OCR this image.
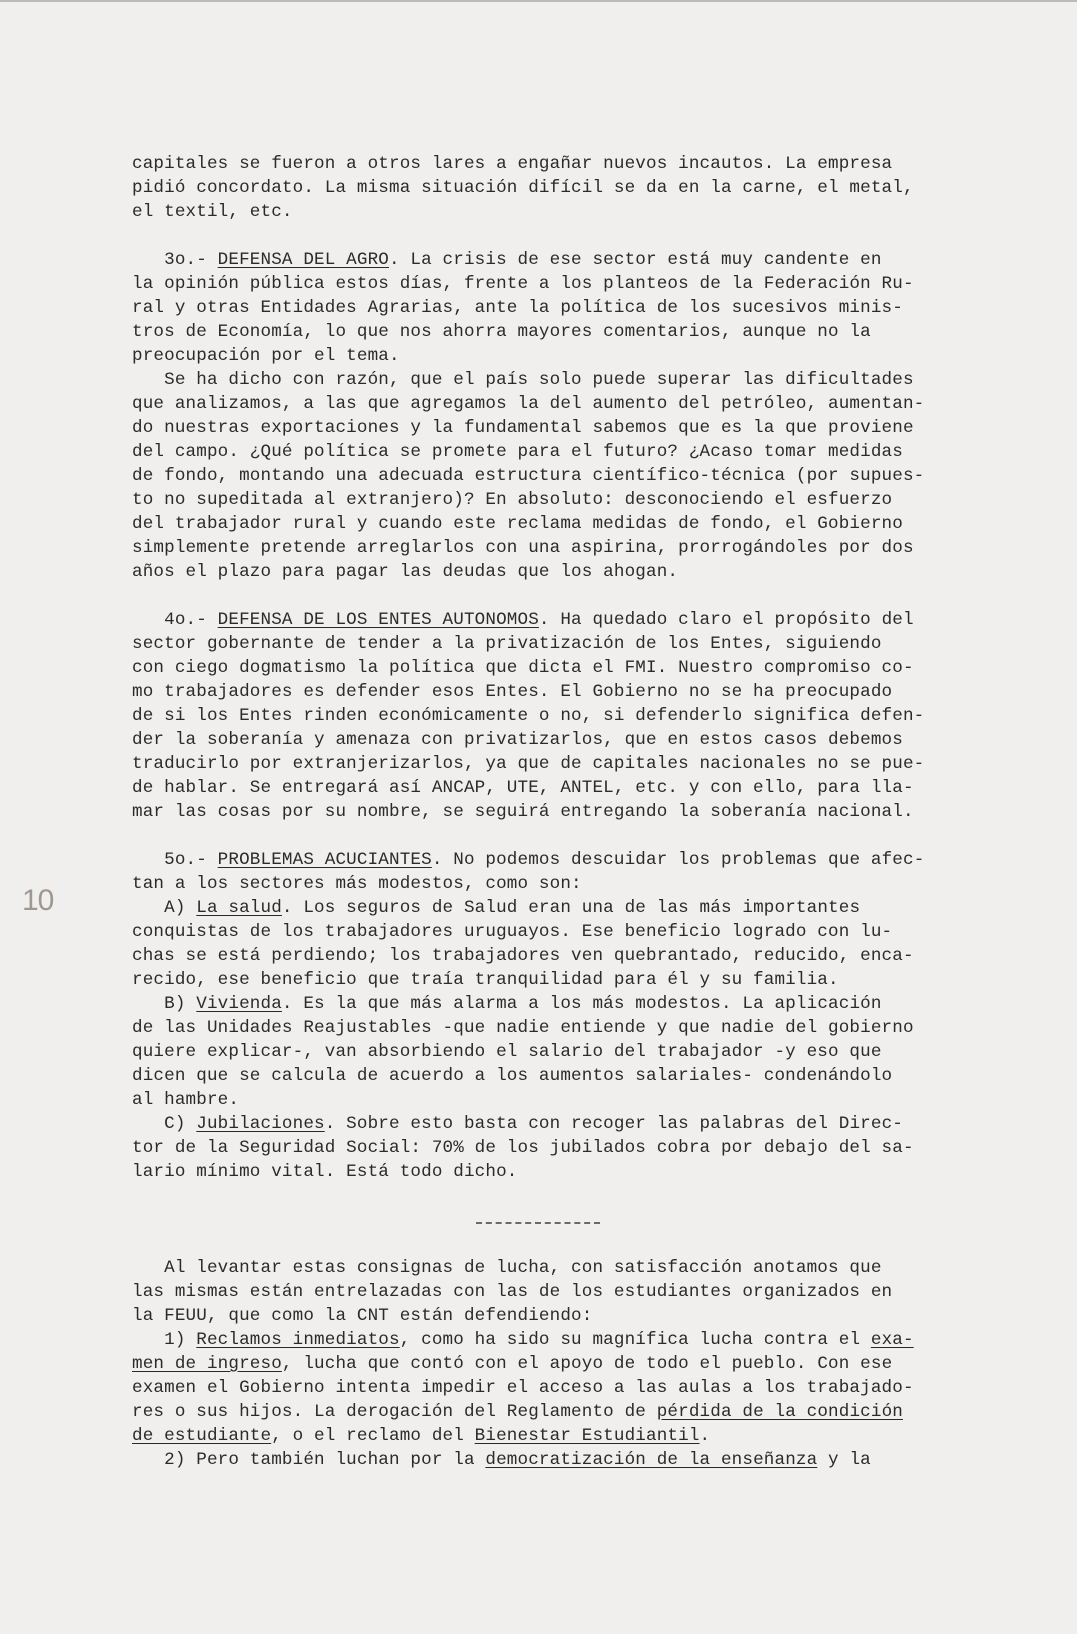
10
capitales se fueron a otros lares a engañar nuevos incautos. La empresa
pidió concordato. La misma situación difícil se da en la carne, el metal,
el textil, etc.
3o.- DEFENSA DEL AGRO. La crisis de ese sector está muy candente en
la opinión pública estos días, frente a los planteos de la Federación Ru-
ral y otras Entidades Agrarias, ante la política de los sucesivos minis-
tros de Economía, lo que nos ahorra mayores comentarios, aunque no la
preocupación por el tema.
Se ha dicho con razón, que el país solo puede superar las dificultades
que analizamos, a las que agregamos la del aumento del petróleo, aumentan-
do nuestras exportaciones y la fundamental sabemos que es la que proviene
del campo. ¿Qué política se promete para el futuro? ¿Acaso tomar medidas
de fondo, montando una adecuada estructura científico-técnica (por supues-
to no supeditada al extranjero)? En absoluto: desconociendo el esfuerzo
del trabajador rural y cuando este reclama medidas de fondo, el Gobierno
simplemente pretende arreglarlos con una aspirina, prorrogándoles por dos
años el plazo para pagar las deudas que los ahogan.
4o.- DEFENSA DE LOS ENTES AUTONOMOS. Ha quedado claro el propósito del
sector gobernante de tender a la privatización de los Entes, siguiendo
con ciego dogmatismo la política que dicta el FMI. Nuestro compromiso co-
mo trabajadores es defender esos Entes. El Gobierno no se ha preocupado
de si los Entes rinden económicamente o no, si defenderlo significa defen-
der la soberanía y amenaza con privatizarlos, que en estos casos debemos
traducirlo por extranjerizarlos, ya que de capitales nacionales no se pue-
de hablar. Se entregará así ANCAP, UTE, ANTEL, etc. y con ello, para lla-
mar las cosas por su nombre, se seguirá entregando la soberanía nacional.
5o.- PROBLEMAS ACUCIANTES. No podemos descuidar los problemas que afec-
tan a los sectores más modestos, como son:
A) La salud. Los seguros de Salud eran una de las más importantes
conquistas de los trabajadores uruguayos. Ese beneficio logrado con lu-
chas se está perdiendo; los trabajadores ven quebrantado, reducido, enca-
recido, ese beneficio que traía tranquilidad para él y su familia.
B) Vivienda. Es la que más alarma a los más modestos. La aplicación
de las Unidades Reajustables -que nadie entiende y que nadie del gobierno
quiere explicar-, van absorbiendo el salario del trabajador -y eso que
dicen que se calcula de acuerdo a los aumentos salariales- condenándolo
al hambre.
C) Jubilaciones. Sobre esto basta con recoger las palabras del Direc-
tor de la Seguridad Social: 70% de los jubilados cobra por debajo del sa-
lario mínimo vital. Está todo dicho.
Al levantar estas consignas de lucha, con satisfacción anotamos que
las mismas están entrelazadas con las de los estudiantes organizados en
la FEUU, que como la CNT están defendiendo:
1) Reclamos inmediatos, como ha sido su magnífica lucha contra el exa-
men de ingreso, lucha que contó con el apoyo de todo el pueblo. Con ese
examen el Gobierno intenta impedir el acceso a las aulas a los trabajado-
res o sus hijos. La derogación del Reglamento de pérdida de la condición
de estudiante, o el reclamo del Bienestar Estudiantil.
2) Pero también luchan por la democratización de la enseñanza y la
